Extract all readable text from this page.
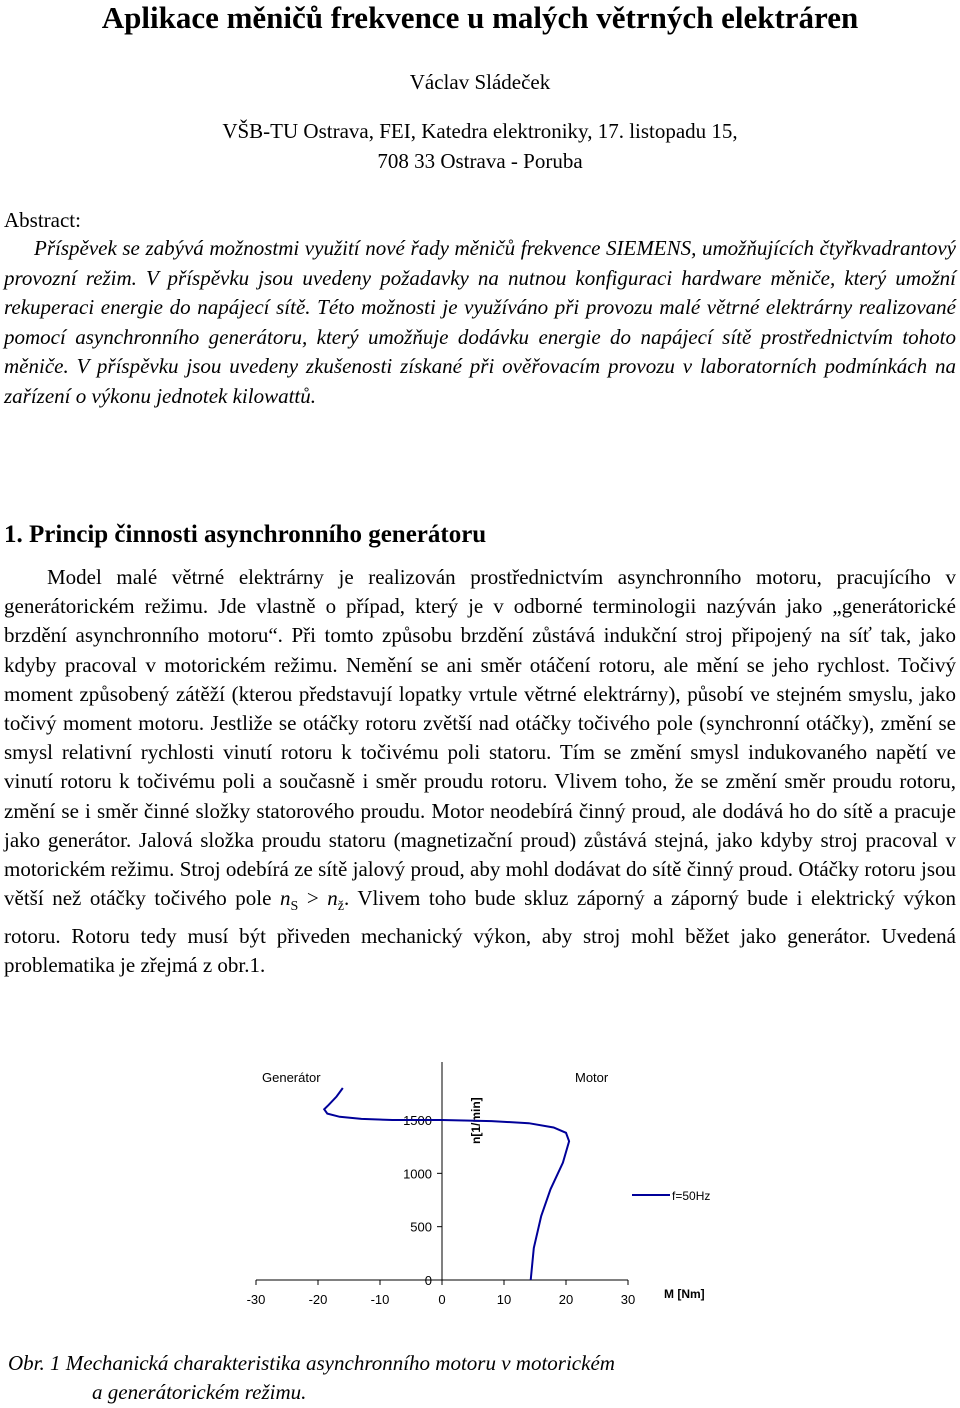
Aplikace měničů frekvence u malých větrných elektráren
Václav Sládeček
VŠB-TU Ostrava, FEI, Katedra elektroniky, 17. listopadu 15,
708 33 Ostrava - Poruba
Abstract:

Příspěvek se zabývá možnostmi využití nové řady měničů frekvence SIEMENS, umožňujících čtyřkvadrantový provozní režim. V příspěvku jsou uvedeny požadavky na nutnou konfiguraci hardware měniče, který umožní rekuperaci energie do napájecí sítě. Této možnosti je využíváno při provozu malé větrné elektrárny realizované pomocí asynchronního generátoru, který umožňuje dodávku energie do napájecí sítě prostřednictvím tohoto měniče. V příspěvku jsou uvedeny zkušenosti získané při ověřovacím provozu v laboratorních podmínkách na zařízení o výkonu jednotek kilowattů.

1. Princip činnosti asynchronního generátoru

Model malé větrné elektrárny je realizován prostřednictvím asynchronního motoru, pracujícího v generátorickém režimu. Jde vlastně o případ, který je v odborné terminologii nazýván jako „generátorické brzdění asynchronního motoru“. Při tomto způsobu brzdění zůstává indukční stroj připojený na síť tak, jako kdyby pracoval v motorickém režimu. Nemění se ani směr otáčení rotoru, ale mění se jeho rychlost. Točivý moment způsobený zátěží (kterou představují lopatky vrtule větrné elektrárny), působí ve stejném smyslu, jako točivý moment motoru. Jestliže se otáčky rotoru zvětší nad otáčky točivého pole (synchronní otáčky), změní se smysl relativní rychlosti vinutí rotoru k točivému poli statoru. Tím se změní smysl indukovaného napětí ve vinutí rotoru k točivému poli a současně i směr proudu rotoru. Vlivem toho, že se změní směr proudu rotoru, změní se i směr činné složky statorového proudu. Motor neodebírá činný proud, ale dodává ho do sítě a pracuje jako generátor. Jalová složka proudu statoru (magnetizační proud) zůstává stejná, jako kdyby stroj pracoval v motorickém režimu. Stroj odebírá ze sítě jalový proud, aby mohl dodávat do sítě činný proud. Otáčky rotoru jsou větší než otáčky točivého pole $n_S > n_ž$. Vlivem toho bude skluz záporný a záporný bude i elektrický výkon rotoru. Rotoru tedy musí být přiveden mechanický výkon, aby stroj mohl běžet jako generátor. Uvedená problematika je zřejmá z obr.1.

-30	-20	-10	0	10	20	30
0
500
1000
1500
Generátor	Motor
n[1/min]
M [Nm]
f=50Hz
Obr. 1 Mechanická charakteristika asynchronního motoru v motorickém
a generátorickém režimu.
